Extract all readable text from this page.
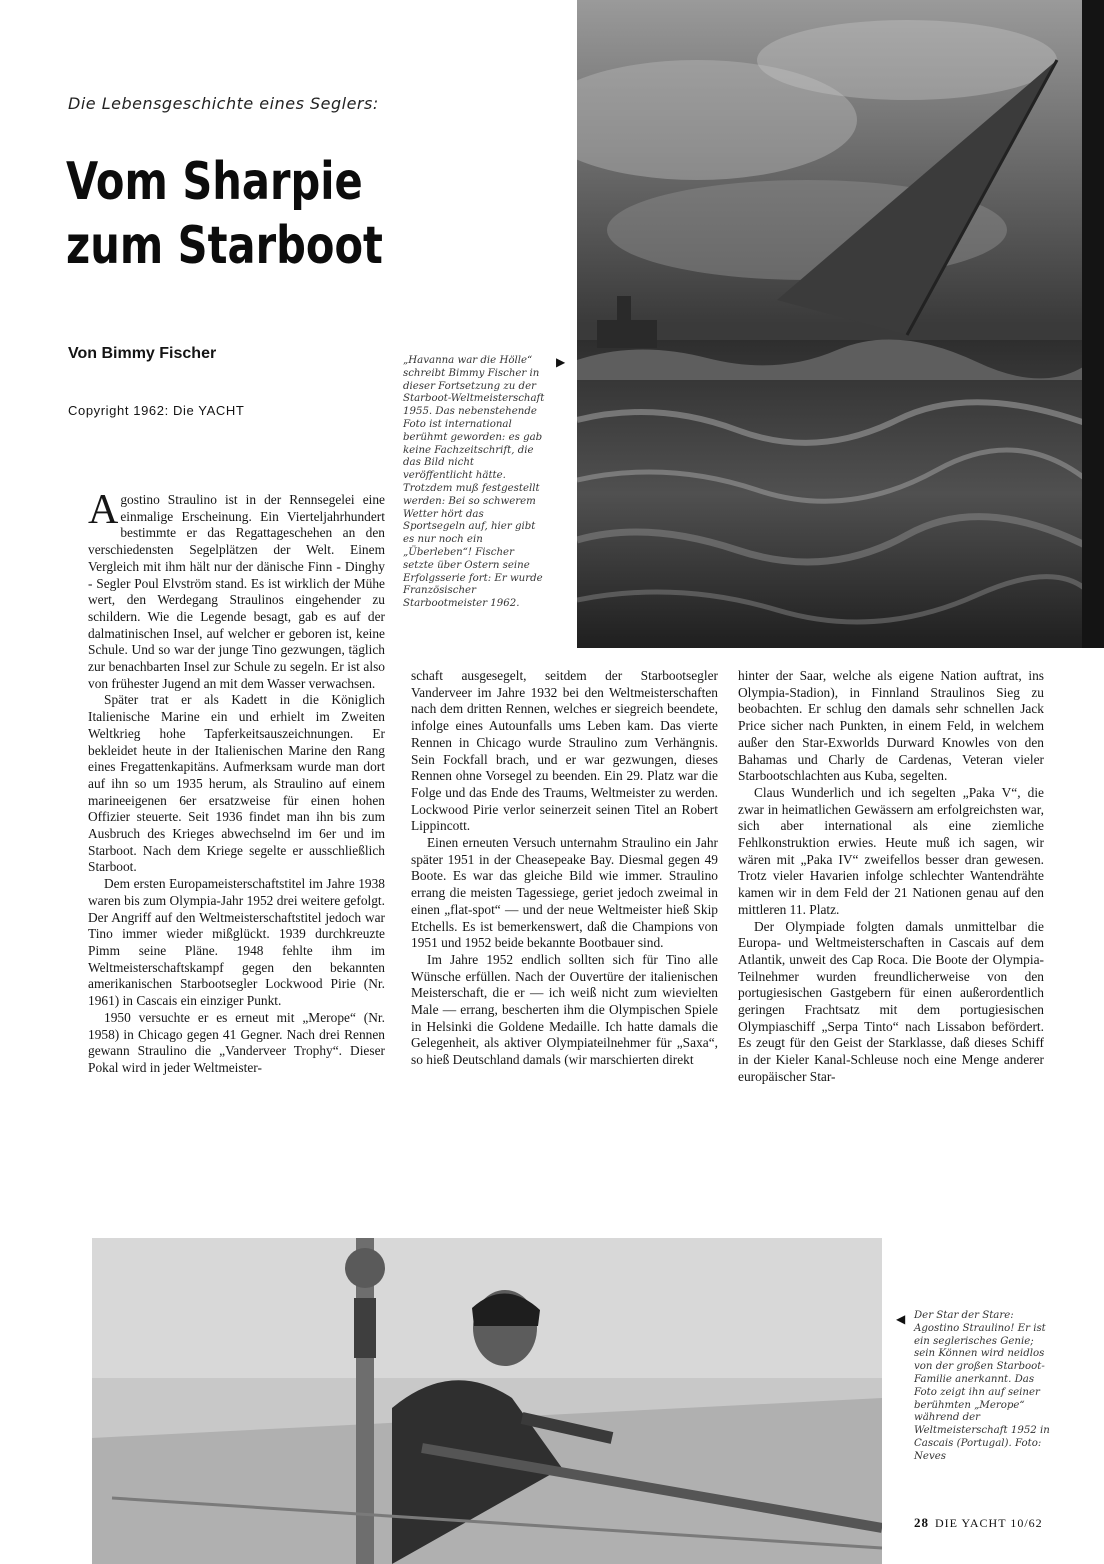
Die Lebensgeschichte eines Seglers:
Vom Sharpie
zum Starboot
Von Bimmy Fischer
Copyright 1962: Die YACHT
„Havanna war die Hölle“ schreibt Bimmy Fischer in dieser Fortsetzung zu der Starboot-Weltmeisterschaft 1955. Das nebenstehende Foto ist international berühmt geworden: es gab keine Fachzeitschrift, die das Bild nicht veröffentlicht hätte. Trotzdem muß festgestellt werden: Bei so schwerem Wetter hört das Sportsegeln auf, hier gibt es nur noch ein „Überleben“! Fischer setzte über Ostern seine Erfolgsserie fort: Er wurde Französischer Starbootmeister 1962.
▶

Agostino Straulino ist in der Rennsegelei eine einmalige Erscheinung. Ein Vierteljahrhundert bestimmte er das Regattageschehen an den verschiedensten Segelplätzen der Welt. Einem Vergleich mit ihm hält nur der dänische Finn - Dinghy - Segler Poul Elvström stand. Es ist wirklich der Mühe wert, den Werdegang Straulinos eingehender zu schildern. Wie die Legende besagt, gab es auf der dalmatinischen Insel, auf welcher er geboren ist, keine Schule. Und so war der junge Tino gezwungen, täglich zur benachbarten Insel zur Schule zu segeln. Er ist also von frühester Jugend an mit dem Wasser verwachsen.

Später trat er als Kadett in die Königlich Italienische Marine ein und erhielt im Zweiten Weltkrieg hohe Tapferkeitsauszeichnungen. Er bekleidet heute in der Italienischen Marine den Rang eines Fregattenkapitäns. Aufmerksam wurde man dort auf ihn so um 1935 herum, als Straulino auf einem marineeigenen 6er ersatzweise für einen hohen Offizier steuerte. Seit 1936 findet man ihn bis zum Ausbruch des Krieges abwechselnd im 6er und im Starboot. Nach dem Kriege segelte er ausschließlich Starboot.

Dem ersten Europameisterschaftstitel im Jahre 1938 waren bis zum Olympia-Jahr 1952 drei weitere gefolgt. Der Angriff auf den Weltmeisterschaftstitel jedoch war Tino immer wieder mißglückt. 1939 durchkreuzte Pimm seine Pläne. 1948 fehlte ihm im Weltmeisterschaftskampf gegen den bekannten amerikanischen Starbootsegler Lockwood Pirie (Nr. 1961) in Cascais ein einziger Punkt.

1950 versuchte er es erneut mit „Merope“ (Nr. 1958) in Chicago gegen 41 Gegner. Nach drei Rennen gewann Straulino die „Vanderveer Trophy“. Dieser Pokal wird in jeder Weltmeister-

schaft ausgesegelt, seitdem der Starbootsegler Vanderveer im Jahre 1932 bei den Weltmeisterschaften nach dem dritten Rennen, welches er siegreich beendete, infolge eines Autounfalls ums Leben kam. Das vierte Rennen in Chicago wurde Straulino zum Verhängnis. Sein Fockfall brach, und er war gezwungen, dieses Rennen ohne Vorsegel zu beenden. Ein 29. Platz war die Folge und das Ende des Traums, Weltmeister zu werden. Lockwood Pirie verlor seinerzeit seinen Titel an Robert Lippincott.

Einen erneuten Versuch unternahm Straulino ein Jahr später 1951 in der Cheasepeake Bay. Diesmal gegen 49 Boote. Es war das gleiche Bild wie immer. Straulino errang die meisten Tagessiege, geriet jedoch zweimal in einen „flat-spot“ — und der neue Weltmeister hieß Skip Etchells. Es ist bemerkenswert, daß die Champions von 1951 und 1952 beide bekannte Bootbauer sind.

Im Jahre 1952 endlich sollten sich für Tino alle Wünsche erfüllen. Nach der Ouvertüre der italienischen Meisterschaft, die er — ich weiß nicht zum wievielten Male — errang, bescherten ihm die Olympischen Spiele in Helsinki die Goldene Medaille. Ich hatte damals die Gelegenheit, als aktiver Olympiateilnehmer für „Saxa“, so hieß Deutschland damals (wir marschierten direkt

hinter der Saar, welche als eigene Nation auftrat, ins Olympia-Stadion), in Finnland Straulinos Sieg zu beobachten. Er schlug den damals sehr schnellen Jack Price sicher nach Punkten, in einem Feld, in welchem außer den Star-Exworlds Durward Knowles von den Bahamas und Charly de Cardenas, Veteran vieler Starbootschlachten aus Kuba, segelten.

Claus Wunderlich und ich segelten „Paka V“, die zwar in heimatlichen Gewässern am erfolgreichsten war, sich aber international als eine ziemliche Fehlkonstruktion erwies. Heute muß ich sagen, wir wären mit „Paka IV“ zweifellos besser dran gewesen. Trotz vieler Havarien infolge schlechter Wantendrähte kamen wir in dem Feld der 21 Nationen genau auf den mittleren 11. Platz.

Der Olympiade folgten damals unmittelbar die Europa- und Weltmeisterschaften in Cascais auf dem Atlantik, unweit des Cap Roca. Die Boote der Olympia-Teilnehmer wurden freundlicherweise von den portugiesischen Gastgebern für einen außerordentlich geringen Frachtsatz mit dem portugiesischen Olympiaschiff „Serpa Tinto“ nach Lissabon befördert. Es zeugt für den Geist der Starklasse, daß dieses Schiff in der Kieler Kanal-Schleuse noch eine Menge anderer europäischer Star-

◀ Der Star der Stare: Agostino Straulino! Er ist ein seglerisches Genie; sein Können wird neidlos von der großen Starboot-Familie anerkannt. Das Foto zeigt ihn auf seiner berühmten „Merope“ während der Weltmeisterschaft 1952 in Cascais (Portugal). Foto: Neves
28 DIE YACHT 10/62
